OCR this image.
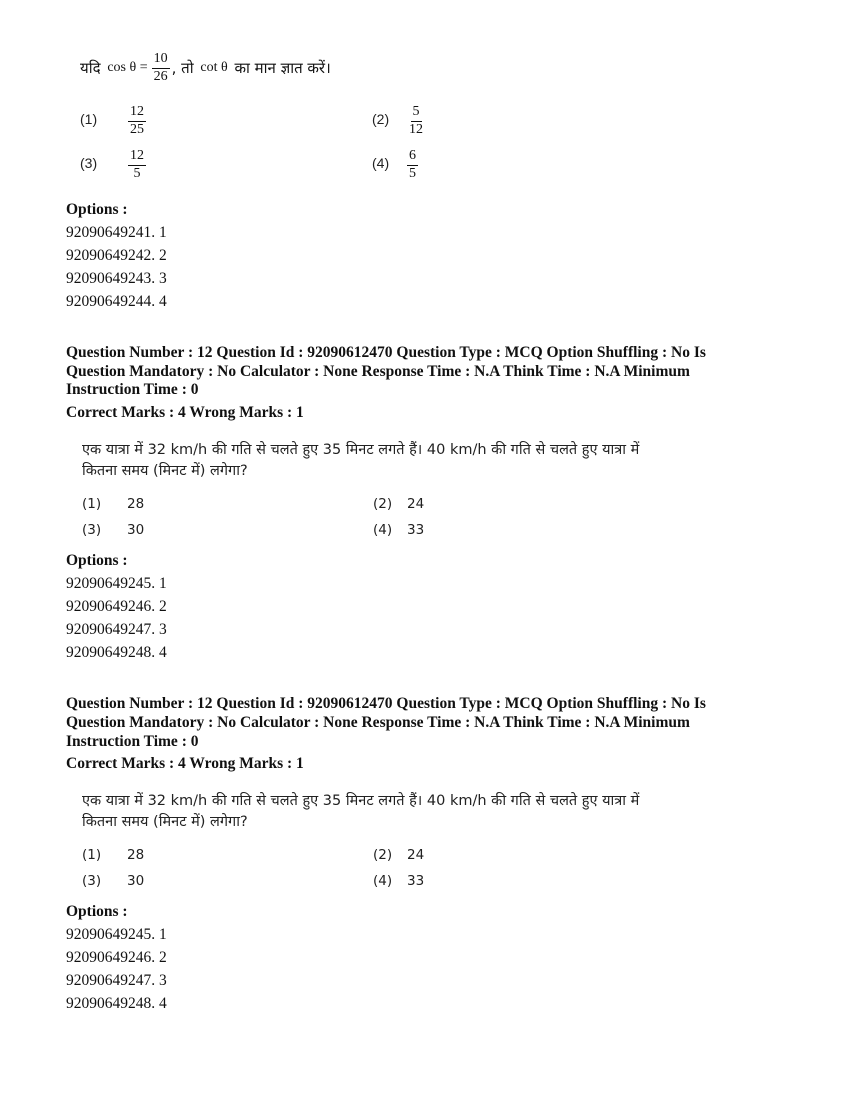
यदि
$\cos \theta = \frac{10}{26}$ , तो
cot θ
का मान ज्ञात करें।
$(1) \frac{12}{25}$	$(2) \frac{5}{12}$
$(3) \frac{12}{5}$	$(4) \frac{6}{5}$
Options :
92090649241. 1
92090649242. 2
92090649243. 3
92090649244. 4
Question Number : 12 Question Id : 92090612470 Question Type : MCQ Option Shuffling : No Is
Question Mandatory : No Calculator : None Response Time : N.A Think Time : N.A Minimum
Instruction Time : 0
Correct Marks : 4 Wrong Marks : 1
एक यात्रा में 32 km/h की गति से चलते हुए 35 मिनट लगते हैं। 40 km/h की गति से चलते हुए यात्रा में
कितना समय (मिनट में) लगेगा?
(1) 28	(2) 24
(3) 30	(4) 33
Options :
92090649245. 1
92090649246. 2
92090649247. 3
92090649248. 4
Question Number : 12 Question Id : 92090612470 Question Type : MCQ Option Shuffling : No Is
Question Mandatory : No Calculator : None Response Time : N.A Think Time : N.A Minimum
Instruction Time : 0
Correct Marks : 4 Wrong Marks : 1
एक यात्रा में 32 km/h की गति से चलते हुए 35 मिनट लगते हैं। 40 km/h की गति से चलते हुए यात्रा में
कितना समय (मिनट में) लगेगा?
(1) 28	(2) 24
(3) 30	(4) 33
Options :
92090649245. 1
92090649246. 2
92090649247. 3
92090649248. 4
